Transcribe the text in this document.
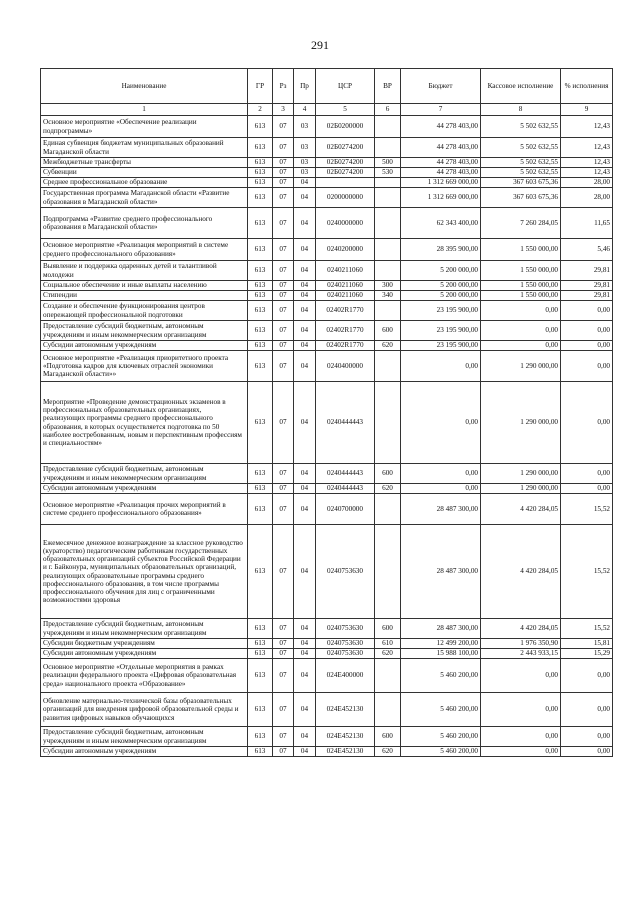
291
Наименование	ГР	Рз	Пр	ЦСР	ВР	Бюджет	Кассовое исполнение	% исполнения
1	2	3	4	5	6	7	8	9
Основное мероприятие «Обеспечение реализации подпрограммы»	613	07	03	02Б0200000		44 278 403,00	5 502 632,55	12,43
Единая субвенция бюджетам муниципальных образований Магаданской области	613	07	03	02Б0274200		44 278 403,00	5 502 632,55	12,43
Межбюджетные трансферты	613	07	03	02Б0274200	500	44 278 403,00	5 502 632,55	12,43
Субвенции	613	07	03	02Б0274200	530	44 278 403,00	5 502 632,55	12,43
Среднее профессиональное образование	613	07	04			1 312 669 000,00	367 603 675,36	28,00
Государственная программа Магаданской области «Развитие образования в Магаданской области»	613	07	04	0200000000		1 312 669 000,00	367 603 675,36	28,00
Подпрограмма «Развитие среднего профессионального образования в Магаданской области»	613	07	04	0240000000		62 343 400,00	7 260 284,05	11,65
Основное мероприятие «Реализация мероприятий в системе среднего профессионального образования»	613	07	04	0240200000		28 395 900,00	1 550 000,00	5,46
Выявление и поддержка одаренных детей и талантливой молодежи	613	07	04	0240211060		5 200 000,00	1 550 000,00	29,81
Социальное обеспечение и иные выплаты населению	613	07	04	0240211060	300	5 200 000,00	1 550 000,00	29,81
Стипендии	613	07	04	0240211060	340	5 200 000,00	1 550 000,00	29,81
Создание и обеспечение функционирования центров опережающей профессиональной подготовки	613	07	04	02402R1770		23 195 900,00	0,00	0,00
Предоставление субсидий бюджетным, автономным учреждениям и иным некоммерческим организациям	613	07	04	02402R1770	600	23 195 900,00	0,00	0,00
Субсидии автономным учреждениям	613	07	04	02402R1770	620	23 195 900,00	0,00	0,00
Основное мероприятие «Реализация приоритетного проекта «Подготовка кадров для ключевых отраслей экономики Магаданской области»»	613	07	04	0240400000		0,00	1 290 000,00	0,00
Мероприятие «Проведение демонстрационных экзаменов в профессиональных образовательных организациях, реализующих программы среднего профессионального образования, в которых осуществляется подготовка по 50 наиболее востребованным, новым и перспективным профессиям и специальностям»	613	07	04	0240444443		0,00	1 290 000,00	0,00
Предоставление субсидий бюджетным, автономным учреждениям и иным некоммерческим организациям	613	07	04	0240444443	600	0,00	1 290 000,00	0,00
Субсидии автономным учреждениям	613	07	04	0240444443	620	0,00	1 290 000,00	0,00
Основное мероприятие «Реализация прочих мероприятий в системе среднего профессионального образования»	613	07	04	0240700000		28 487 300,00	4 420 284,05	15,52
Ежемесячное денежное вознаграждение за классное руководство (кураторство) педагогическим работникам государственных образовательных организаций субъектов Российской Федерации и г. Байконура, муниципальных образовательных организаций, реализующих образовательные программы среднего профессионального образования, в том числе программы профессионального обучения для лиц с ограниченными возможностями здоровья	613	07	04	0240753630		28 487 300,00	4 420 284,05	15,52
Предоставление субсидий бюджетным, автономным учреждениям и иным некоммерческим организациям	613	07	04	0240753630	600	28 487 300,00	4 420 284,05	15,52
Субсидии бюджетным учреждениям	613	07	04	0240753630	610	12 499 200,00	1 976 350,90	15,81
Субсидии автономным учреждениям	613	07	04	0240753630	620	15 988 100,00	2 443 933,15	15,29
Основное мероприятие «Отдельные мероприятия в рамках реализации федерального проекта «Цифровая образовательная среда» национального проекта «Образование»	613	07	04	024E400000		5 460 200,00	0,00	0,00
Обновление материально-технической базы образовательных организаций для внедрения цифровой образовательной среды и развития цифровых навыков обучающихся	613	07	04	024E452130		5 460 200,00	0,00	0,00
Предоставление субсидий бюджетным, автономным учреждениям и иным некоммерческим организациям	613	07	04	024E452130	600	5 460 200,00	0,00	0,00
Субсидии автономным учреждениям	613	07	04	024E452130	620	5 460 200,00	0,00	0,00
